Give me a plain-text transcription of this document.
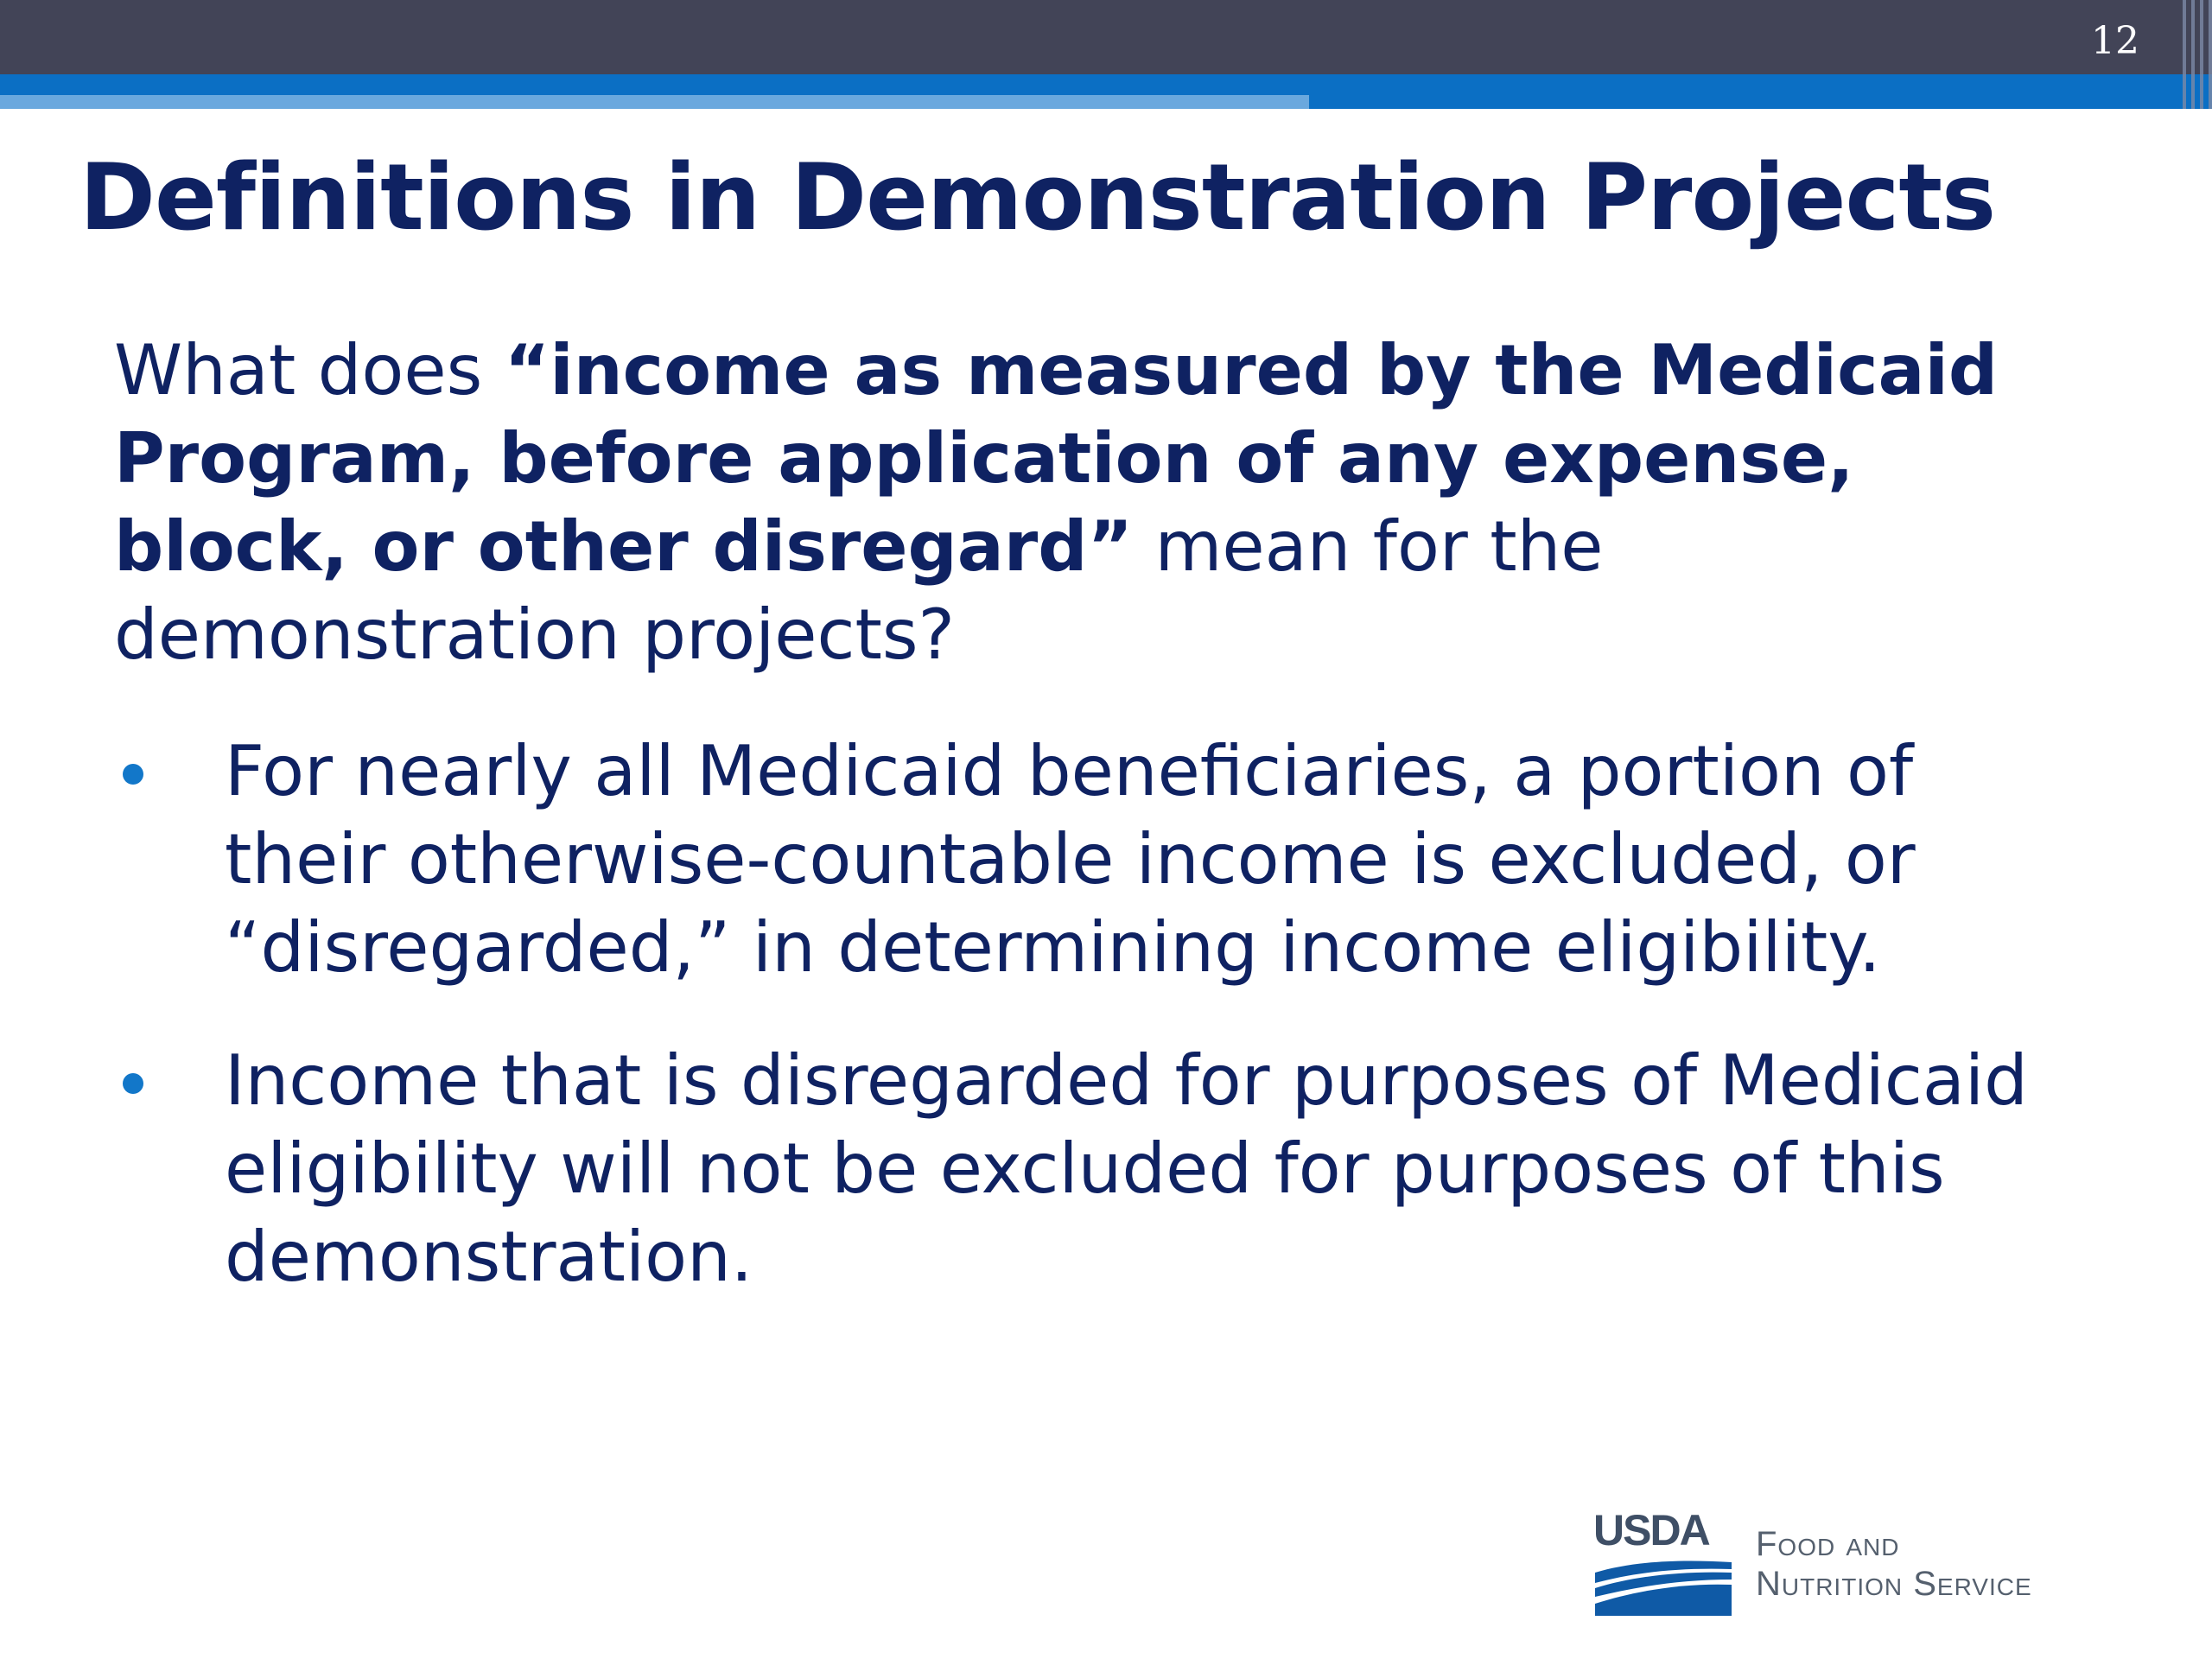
12
Definitions in Demonstration Projects

What does “income as measured by the Medicaid Program, before application of any expense, block, or other disregard” mean for the demonstration projects?

For nearly all Medicaid beneficiaries, a portion of their otherwise-countable income is excluded, or “disregarded,” in determining income eligibility.
Income that is disregarded for purposes of Medicaid eligibility will not be excluded for purposes of this demonstration.
USDA Food and
Nutrition Service
